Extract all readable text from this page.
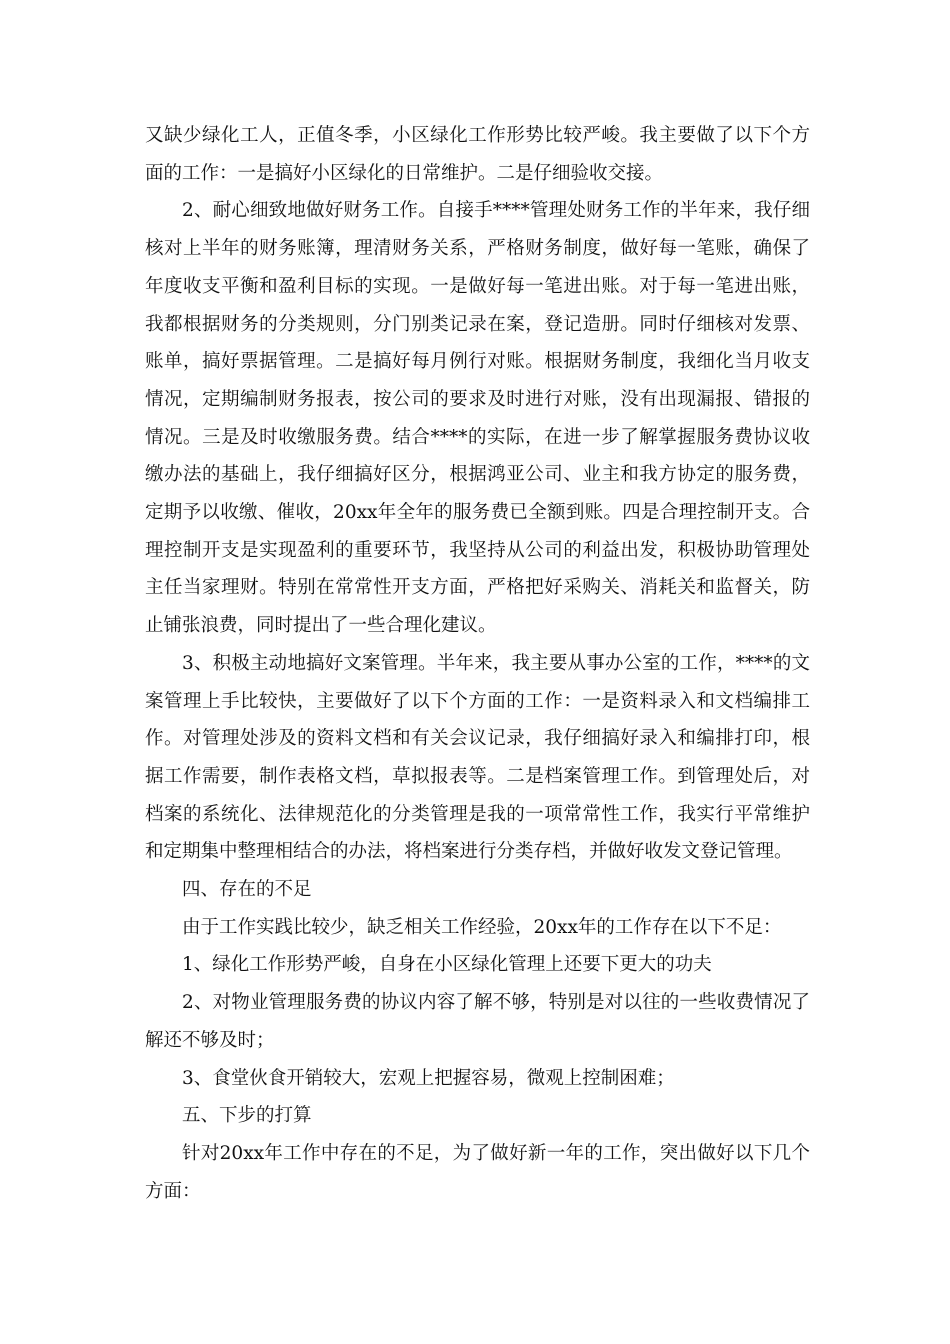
又缺少绿化工人，正值冬季，小区绿化工作形势比较严峻。我主要做了以下个方面的工作：一是搞好小区绿化的日常维护。二是仔细验收交接。

2、耐心细致地做好财务工作。自接手****管理处财务工作的半年来，我仔细核对上半年的财务账簿，理清财务关系，严格财务制度，做好每一笔账，确保了年度收支平衡和盈利目标的实现。一是做好每一笔进出账。对于每一笔进出账，我都根据财务的分类规则，分门别类记录在案，登记造册。同时仔细核对发票、账单，搞好票据管理。二是搞好每月例行对账。根据财务制度，我细化当月收支情况，定期编制财务报表，按公司的要求及时进行对账，没有出现漏报、错报的情况。三是及时收缴服务费。结合****的实际，在进一步了解掌握服务费协议收缴办法的基础上，我仔细搞好区分，根据鸿亚公司、业主和我方协定的服务费，定期予以收缴、催收，20xx年全年的服务费已全额到账。四是合理控制开支。合理控制开支是实现盈利的重要环节，我坚持从公司的利益出发，积极协助管理处主任当家理财。特别在常常性开支方面，严格把好采购关、消耗关和监督关，防止铺张浪费，同时提出了一些合理化建议。

3、积极主动地搞好文案管理。半年来，我主要从事办公室的工作，****的文案管理上手比较快，主要做好了以下个方面的工作：一是资料录入和文档编排工作。对管理处涉及的资料文档和有关会议记录，我仔细搞好录入和编排打印，根据工作需要，制作表格文档，草拟报表等。二是档案管理工作。到管理处后，对档案的系统化、法律规范化的分类管理是我的一项常常性工作，我实行平常维护和定期集中整理相结合的办法，将档案进行分类存档，并做好收发文登记管理。

四、存在的不足

由于工作实践比较少，缺乏相关工作经验，20xx年的工作存在以下不足：

1、绿化工作形势严峻，自身在小区绿化管理上还要下更大的功夫

2、对物业管理服务费的协议内容了解不够，特别是对以往的一些收费情况了解还不够及时；

3、食堂伙食开销较大，宏观上把握容易，微观上控制困难；

五、下步的打算

针对20xx年工作中存在的不足，为了做好新一年的工作，突出做好以下几个方面：
